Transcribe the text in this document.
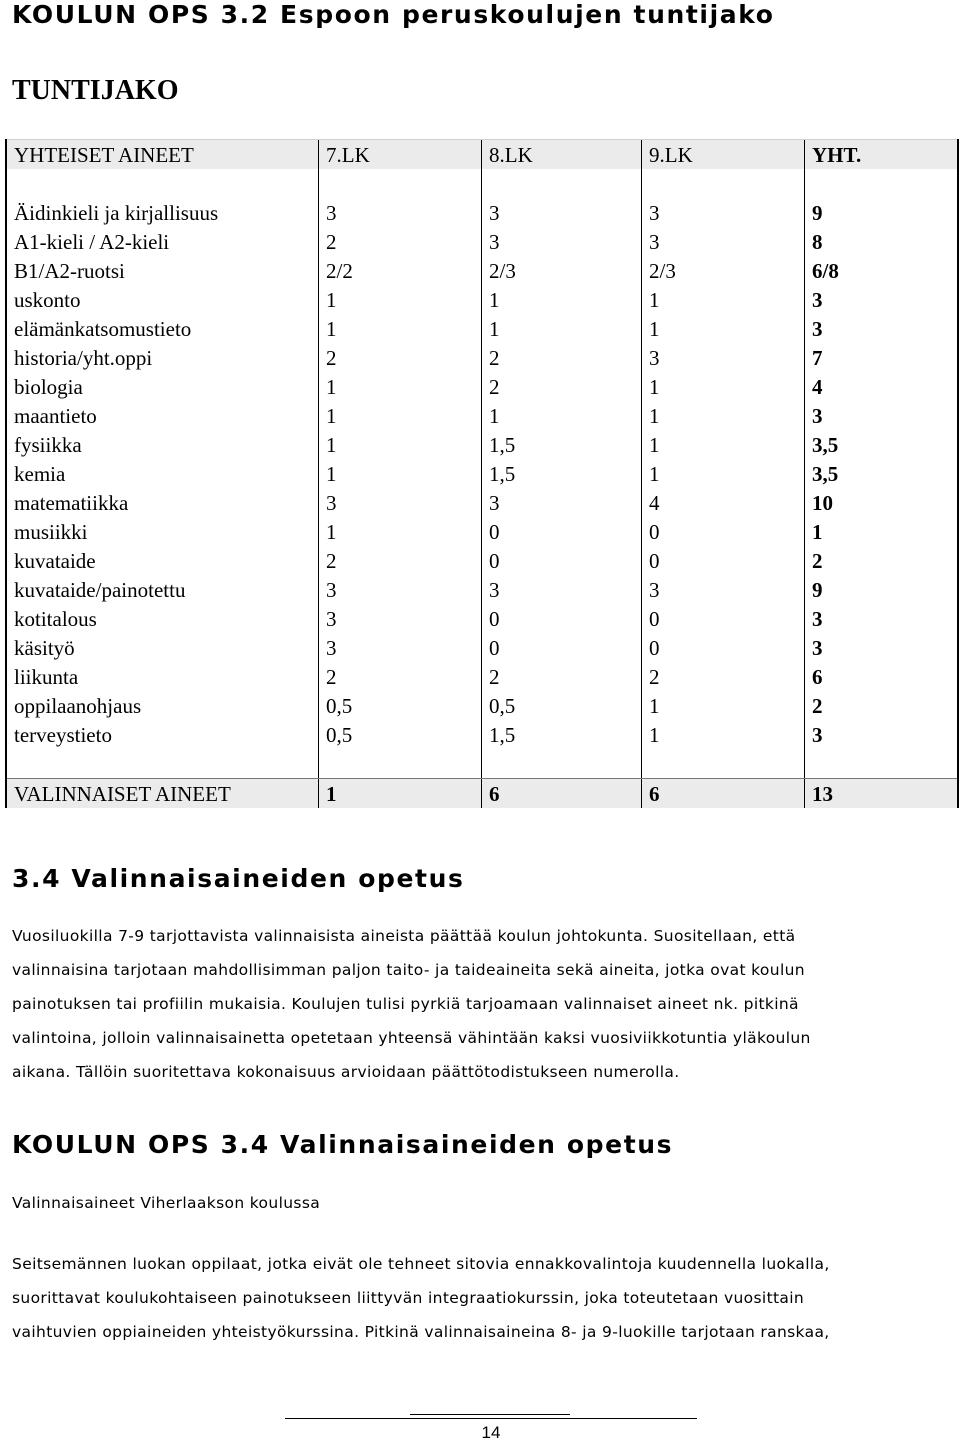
KOULUN OPS 3.2 Espoon peruskoulujen tuntijako
TUNTIJAKO
YHTEISET AINEET	7.LK	8.LK	9.LK	YHT.

Äidinkieli ja kirjallisuus	3	3	3	9
A1-kieli / A2-kieli	2	3	3	8
B1/A2-ruotsi	2/2	2/3	2/3	6/8
uskonto	1	1	1	3
elämänkatsomustieto	1	1	1	3
historia/yht.oppi	2	2	3	7
biologia	1	2	1	4
maantieto	1	1	1	3
fysiikka	1	1,5	1	3,5
kemia	1	1,5	1	3,5
matematiikka	3	3	4	10
musiikki	1	0	0	1
kuvataide	2	0	0	2
kuvataide/painotettu	3	3	3	9
kotitalous	3	0	0	3
käsityö	3	0	0	3
liikunta	2	2	2	6
oppilaanohjaus	0,5	0,5	1	2
terveystieto	0,5	1,5	1	3

VALINNAISET AINEET	1	6	6	13
3.4 Valinnaisaineiden opetus
Vuosiluokilla 7-9 tarjottavista valinnaisista aineista päättää koulun johtokunta. Suositellaan, että
valinnaisina tarjotaan mahdollisimman paljon taito- ja taideaineita sekä aineita, jotka ovat koulun
painotuksen tai profiilin mukaisia. Koulujen tulisi pyrkiä tarjoamaan valinnaiset aineet nk. pitkinä
valintoina, jolloin valinnaisainetta opetetaan yhteensä vähintään kaksi vuosiviikkotuntia yläkoulun
aikana. Tällöin suoritettava kokonaisuus arvioidaan päättötodistukseen numerolla.
KOULUN OPS 3.4 Valinnaisaineiden opetus
Valinnaisaineet Viherlaakson koulussa
Seitsemännen luokan oppilaat, jotka eivät ole tehneet sitovia ennakkovalintoja kuudennella luokalla,
suorittavat koulukohtaiseen painotukseen liittyvän integraatiokurssin, joka toteutetaan vuosittain
vaihtuvien oppiaineiden yhteistyökurssina. Pitkinä valinnaisaineina 8- ja 9-luokille tarjotaan ranskaa,
14
